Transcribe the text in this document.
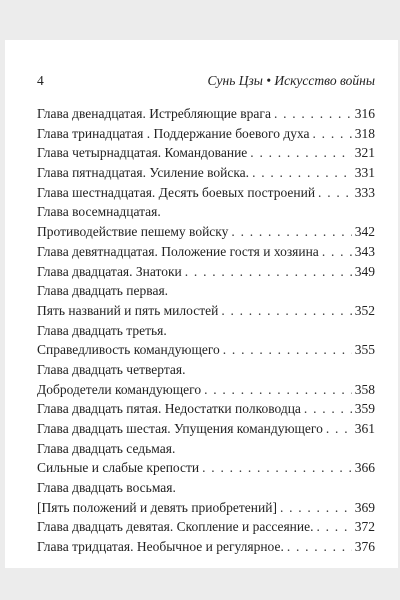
4	Сунь Цзы • Искусство войны
Глава двенадцатая. Истребляющие врага . . .	316
Глава тринадцатая . Поддержание боевого духа . . .	318
Глава четырнадцатая. Командование . . .	321
Глава пятнадцатая. Усиление войска. . . .	331
Глава шестнадцатая. Десять боевых построений . . .	333
Глава восемнадцатая.
Противодействие пешему войску . . .	342
Глава девятнадцатая. Положение гостя и хозяина . . .	343
Глава двадцатая. Знатоки . . .	349
Глава двадцать первая.
Пять названий и пять милостей . . .	352
Глава двадцать третья.
Справедливость командующего . . .	355
Глава двадцать четвертая.
Добродетели командующего . . .	358
Глава двадцать пятая. Недостатки полководца . . .	359
Глава двадцать шестая. Упущения командующего . . . 361
Глава двадцать седьмая.
Сильные и слабые крепости . . .	366
Глава двадцать восьмая.
[Пять положений и девять приобретений] . . .	369
Глава двадцать девятая. Скопление и рассеяние. . . .	372
Глава тридцатая. Необычное и регулярное. . . .	376
